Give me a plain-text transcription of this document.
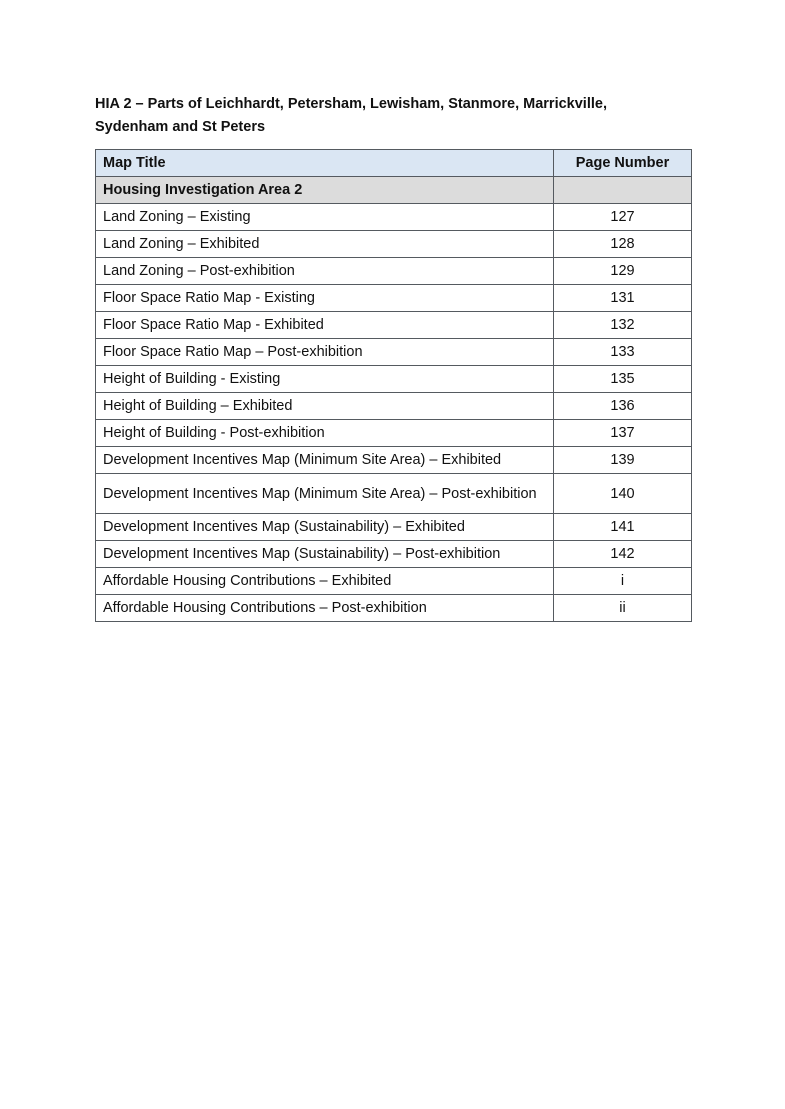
HIA 2 – Parts of Leichhardt, Petersham, Lewisham, Stanmore, Marrickville,
Sydenham and St Peters

Map Title	Page Number
Housing Investigation Area 2	
Land Zoning – Existing	127
Land Zoning – Exhibited	128
Land Zoning – Post-exhibition	129
Floor Space Ratio Map - Existing	131
Floor Space Ratio Map - Exhibited	132
Floor Space Ratio Map – Post-exhibition	133
Height of Building - Existing	135
Height of Building – Exhibited	136
Height of Building - Post-exhibition	137
Development Incentives Map (Minimum Site Area) – Exhibited	139
Development Incentives Map (Minimum Site Area) – Post-exhibition	140
Development Incentives Map (Sustainability) – Exhibited	141
Development Incentives Map (Sustainability) – Post-exhibition	142
Affordable Housing Contributions – Exhibited	i
Affordable Housing Contributions – Post-exhibition	ii
